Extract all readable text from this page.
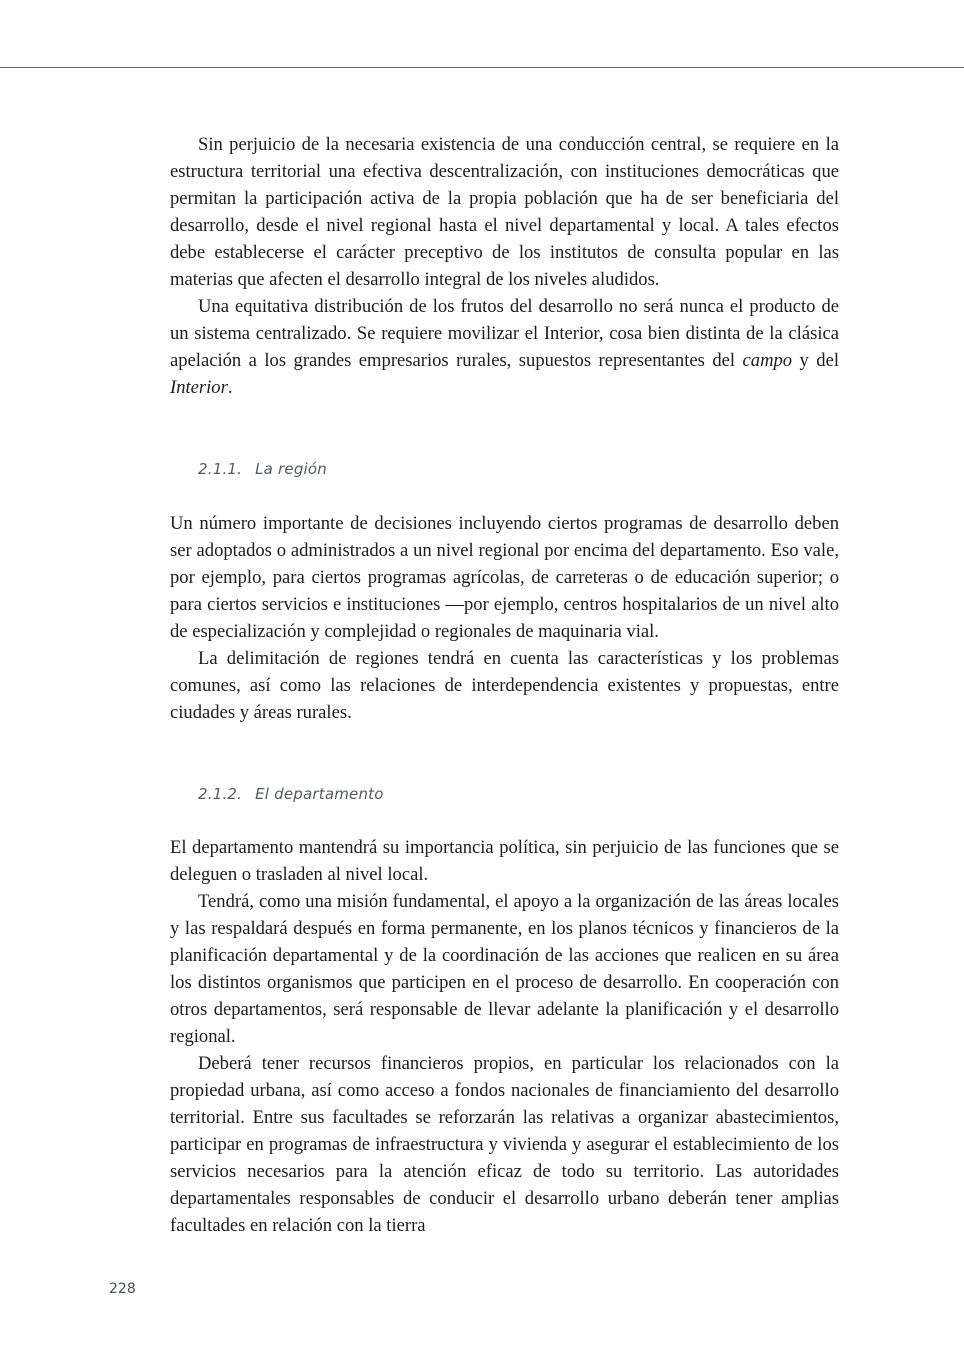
Sin perjuicio de la necesaria existencia de una conducción central, se requiere en la estructura territorial una efectiva descentralización, con instituciones democráticas que permitan la participación activa de la propia población que ha de ser beneficiaria del desarrollo, desde el nivel regional hasta el nivel departamental y local. A tales efectos debe establecerse el carácter preceptivo de los institutos de consulta popular en las materias que afecten el desarrollo integral de los niveles aludidos.

Una equitativa distribución de los frutos del desarrollo no será nunca el producto de un sistema centralizado. Se requiere movilizar el Interior, cosa bien distinta de la clásica apelación a los grandes empresarios rurales, supuestos representantes del campo y del Interior.

2.1.1. La región

Un número importante de decisiones incluyendo ciertos programas de desarrollo deben ser adoptados o administrados a un nivel regional por encima del departamento. Eso vale, por ejemplo, para ciertos programas agrícolas, de carreteras o de educación superior; o para ciertos servicios e instituciones —por ejemplo, centros hospitalarios de un nivel alto de especialización y complejidad o regionales de maquinaria vial.

La delimitación de regiones tendrá en cuenta las características y los problemas comunes, así como las relaciones de interdependencia existentes y propuestas, entre ciudades y áreas rurales.

2.1.2. El departamento

El departamento mantendrá su importancia política, sin perjuicio de las funciones que se deleguen o trasladen al nivel local.

Tendrá, como una misión fundamental, el apoyo a la organización de las áreas locales y las respaldará después en forma permanente, en los planos técnicos y financieros de la planificación departamental y de la coordinación de las acciones que realicen en su área los distintos organismos que participen en el proceso de desarrollo. En cooperación con otros departamentos, será responsable de llevar adelante la planificación y el desarrollo regional.

Deberá tener recursos financieros propios, en particular los relacionados con la propiedad urbana, así como acceso a fondos nacionales de financiamiento del desarrollo territorial. Entre sus facultades se reforzarán las relativas a organizar abastecimientos, participar en programas de infraestructura y vivienda y asegurar el establecimiento de los servicios necesarios para la atención eficaz de todo su territorio. Las autoridades departamentales responsables de conducir el desarrollo urbano deberán tener amplias facultades en relación con la tierra

228
